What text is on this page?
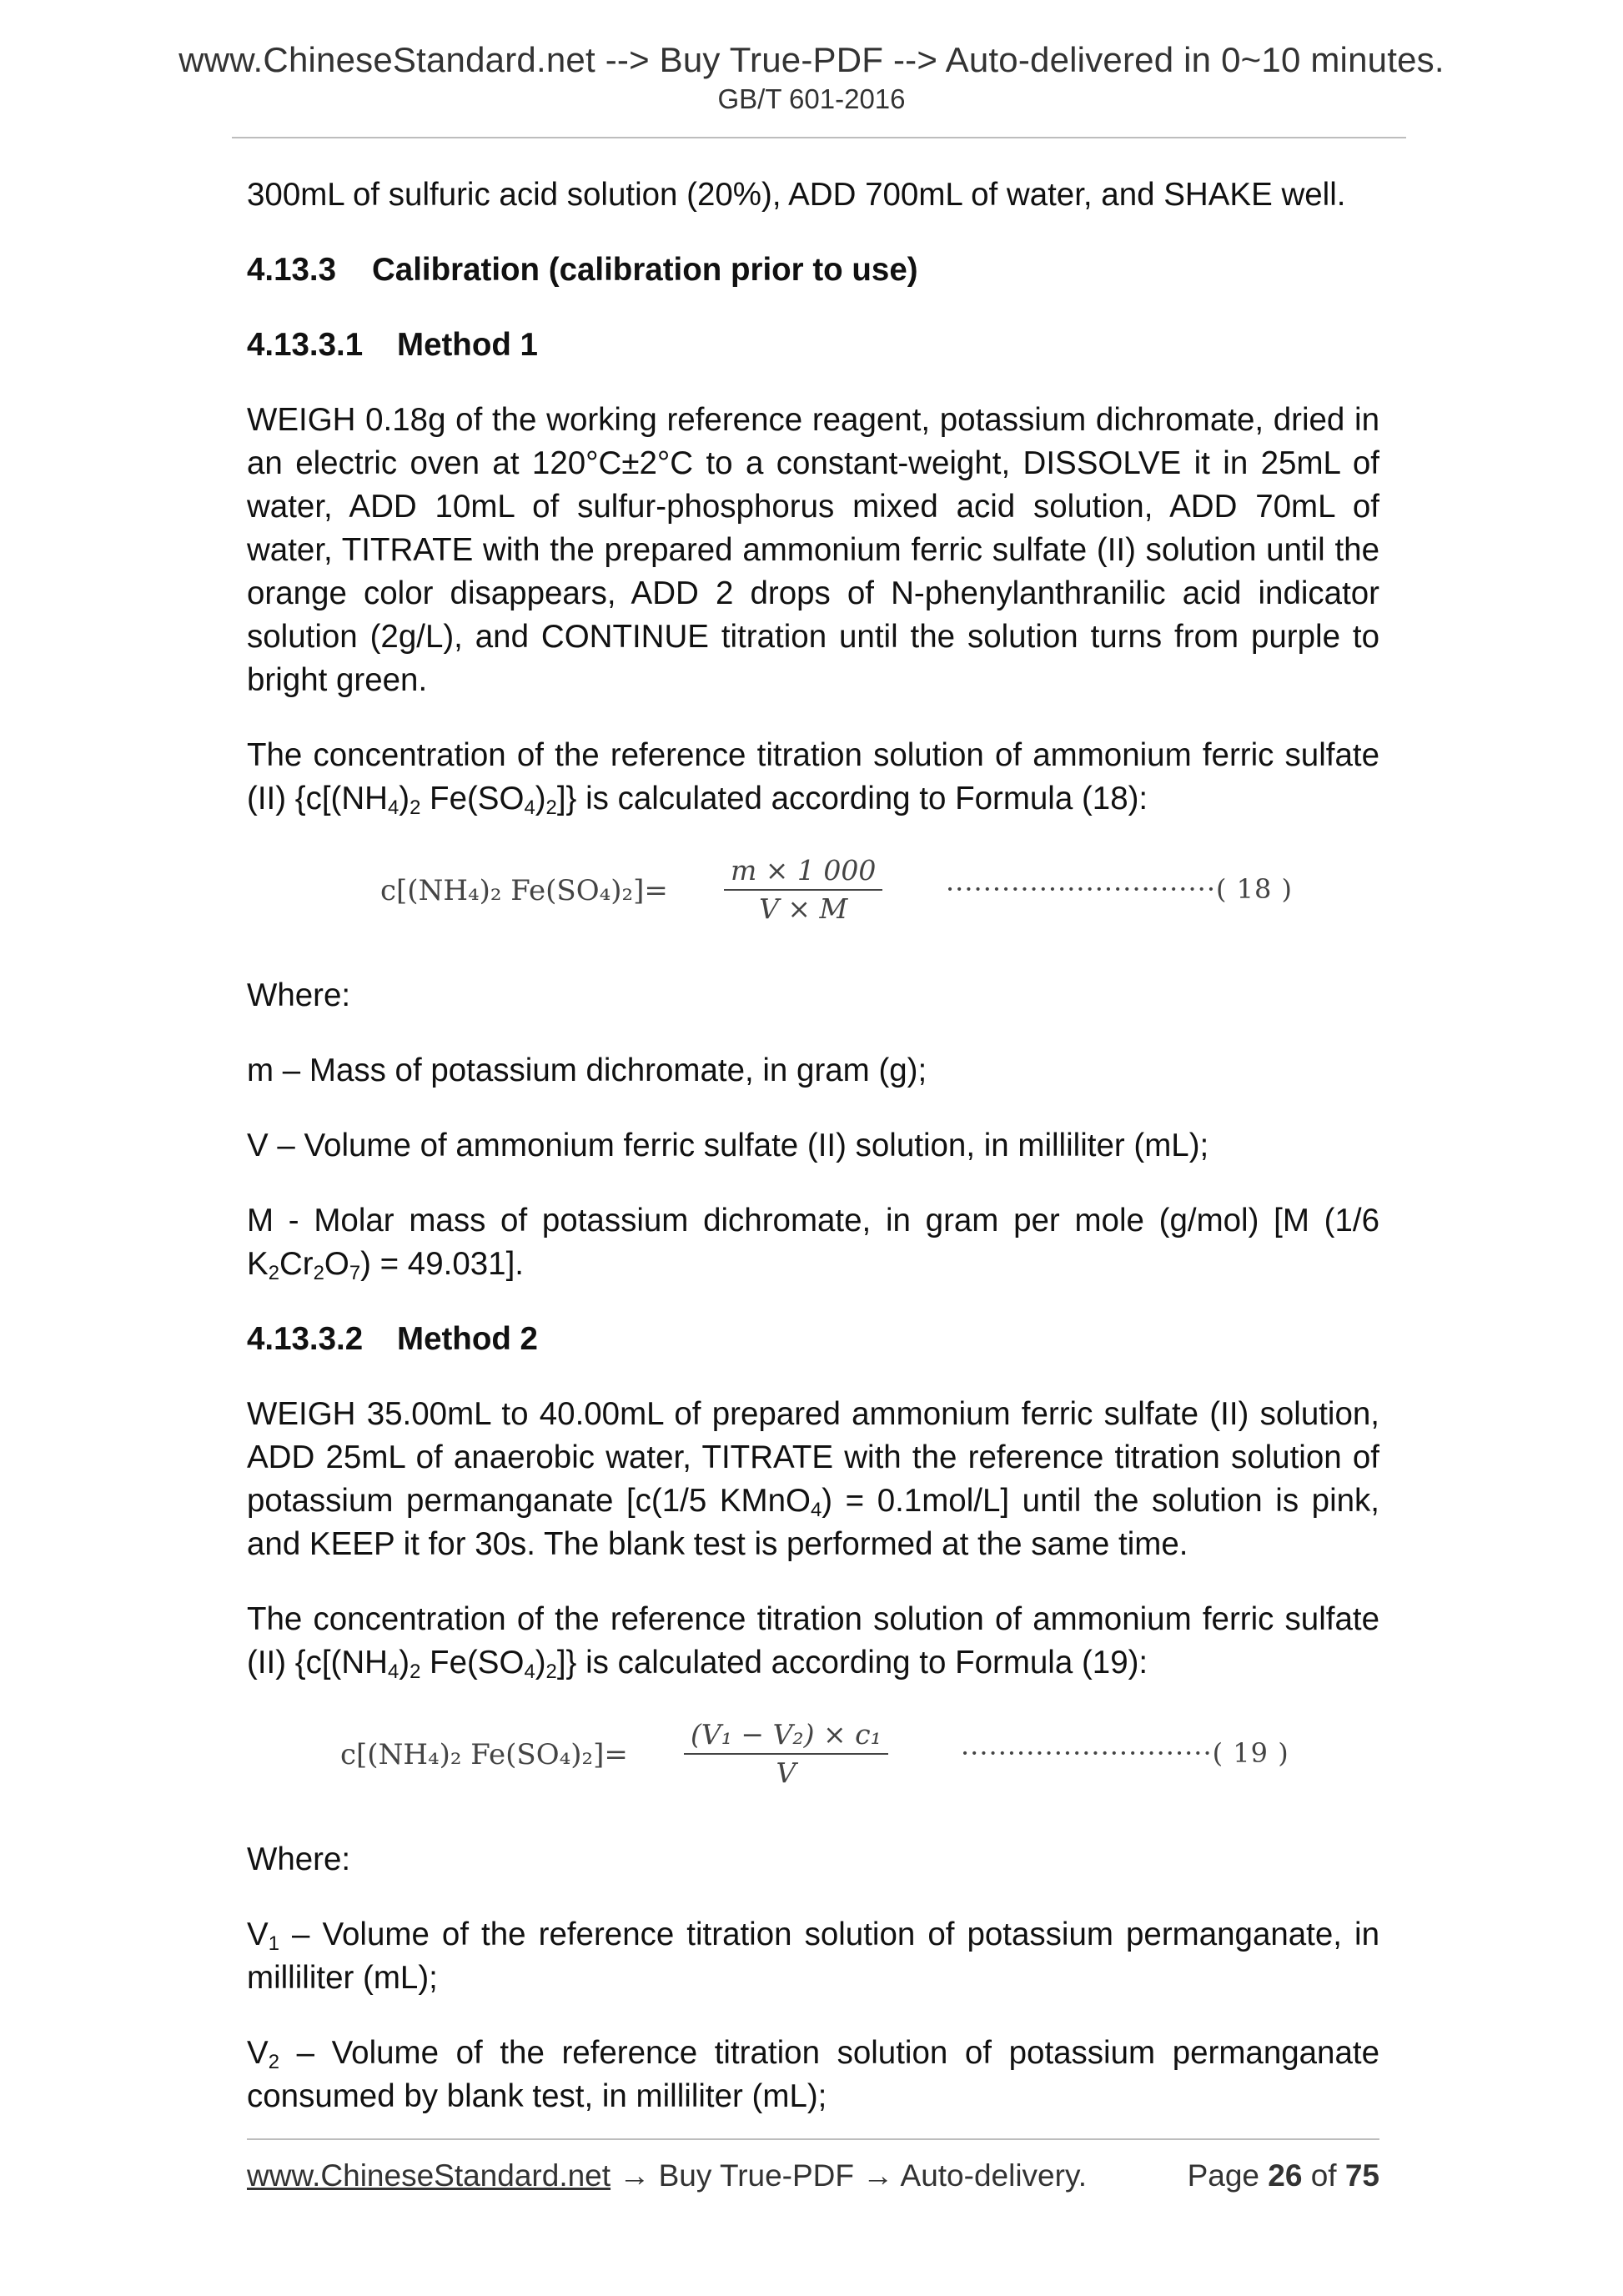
www.ChineseStandard.net --> Buy True-PDF --> Auto-delivered in 0~10 minutes.
GB/T 601-2016

300mL of sulfuric acid solution (20%), ADD 700mL of water, and SHAKE well.

4.13.3 Calibration (calibration prior to use)
4.13.3.1 Method 1

WEIGH 0.18g of the working reference reagent, potassium dichromate, dried in an electric oven at 120°C±2°C to a constant-weight, DISSOLVE it in 25mL of water, ADD 10mL of sulfur-phosphorus mixed acid solution, ADD 70mL of water, TITRATE with the prepared ammonium ferric sulfate (II) solution until the orange color disappears, ADD 2 drops of N-phenylanthranilic acid indicator solution (2g/L), and CONTINUE titration until the solution turns from purple to bright green.

The concentration of the reference titration solution of ammonium ferric sulfate (II) {$c[(NH_4)_2$ $Fe(SO_4)_2$]} is calculated according to Formula (18):

c[(NH₄)₂ Fe(SO₄)₂]=
m × 1 000
V × M
·····························( 18 )

Where:

m – Mass of potassium dichromate, in gram (g);

V – Volume of ammonium ferric sulfate (II) solution, in milliliter (mL);

M - Molar mass of potassium dichromate, in gram per mole (g/mol) [M (1/6 $K_2Cr_2O_7) = 49.031$].

4.13.3.2 Method 2

WEIGH 35.00mL to 40.00mL of prepared ammonium ferric sulfate (II) solution, ADD 25mL of anaerobic water, TITRATE with the reference titration solution of potassium permanganate [c(1/5 KMnO$_4$) = 0.1mol/L] until the solution is pink, and KEEP it for 30s. The blank test is performed at the same time.

The concentration of the reference titration solution of ammonium ferric sulfate (II) {$c[(NH_4)_2$ $Fe(SO_4)_2$]} is calculated according to Formula (19):

c[(NH₄)₂ Fe(SO₄)₂]=
(V₁ − V₂) × c₁
V
···························( 19 )

Where:

$V_1$ – Volume of the reference titration solution of potassium permanganate, in milliliter (mL);

$V_2$ – Volume of the reference titration solution of potassium permanganate consumed by blank test, in milliliter (mL);

www.ChineseStandard.net → Buy True-PDF → Auto-delivery.	Page 26 of 75
